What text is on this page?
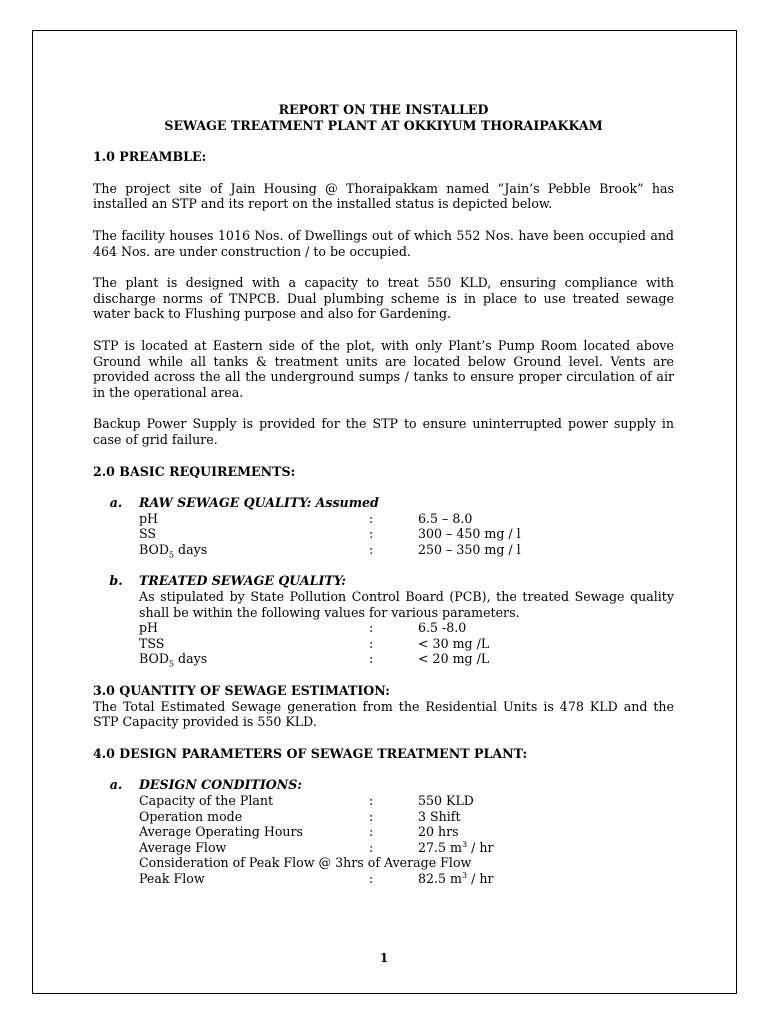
REPORT ON THE INSTALLED
SEWAGE TREATMENT PLANT AT OKKIYUM THORAIPAKKAM
1.0 PREAMBLE:

The project site of Jain Housing @ Thoraipakkam named “Jain’s Pebble Brook” has installed an STP and its report on the installed status is depicted below.

The facility houses 1016 Nos. of Dwellings out of which 552 Nos. have been occupied and 464 Nos. are under construction / to be occupied.

The plant is designed with a capacity to treat 550 KLD, ensuring compliance with discharge norms of TNPCB. Dual plumbing scheme is in place to use treated sewage water back to Flushing purpose and also for Gardening.

STP is located at Eastern side of the plot, with only Plant’s Pump Room located above Ground while all tanks & treatment units are located below Ground level. Vents are provided across the all the underground sumps / tanks to ensure proper circulation of air in the operational area.

Backup Power Supply is provided for the STP to ensure uninterrupted power supply in case of grid failure.

2.0 BASIC REQUIREMENTS:
a.	RAW SEWAGE QUALITY: Assumed
pH	:	6.5 – 8.0
SS	:	300 – 450 mg / l
$BOD_5$ days	:	250 – 350 mg / l
b.	TREATED SEWAGE QUALITY:
As stipulated by State Pollution Control Board (PCB), the treated Sewage quality shall be within the following values for various parameters.
pH	:	6.5 -8.0
TSS	:	< 30 mg /L
$BOD_5$ days	:	< 20 mg /L
3.0 QUANTITY OF SEWAGE ESTIMATION:

The Total Estimated Sewage generation from the Residential Units is 478 KLD and the STP Capacity provided is 550 KLD.

4.0 DESIGN PARAMETERS OF SEWAGE TREATMENT PLANT:
a.	DESIGN CONDITIONS:
Capacity of the Plant	:	550 KLD
Operation mode	:	3 Shift
Average Operating Hours	:	20 hrs
Average Flow	:	27.5 $m^3$ / hr
Consideration of Peak Flow @ 3hrs of Average Flow
Peak Flow	:	82.5 $m^3$ / hr
1
